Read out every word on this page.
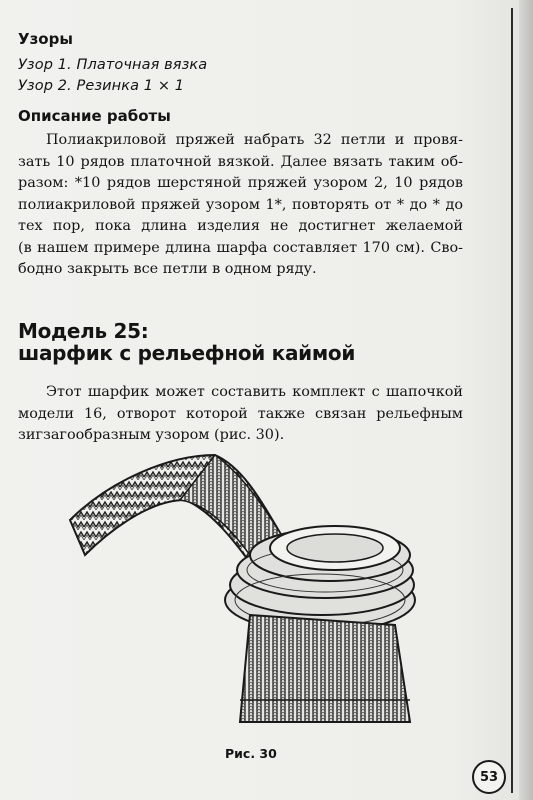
Узоры
Узор 1. Платочная вязка
Узор 2. Резинка 1 × 1
Описание работы
Полиакриловой пряжей набрать 32 петли и провя-
зать 10 рядов платочной вязкой. Далее вязать таким об-
разом: *10 рядов шерстяной пряжей узором 2, 10 рядов
полиакриловой пряжей узором 1*, повторять от * до * до
тех пор, пока длина изделия не достигнет желаемой
(в нашем примере длина шарфа составляет 170 см). Сво-
бодно закрыть все петли в одном ряду.
Модель 25:
шарфик с рельефной каймой
Этот шарфик может составить комплект с шапочкой
модели 16, отворот которой также связан рельефным
зигзагообразным узором (рис. 30).
Рис. 30
53
